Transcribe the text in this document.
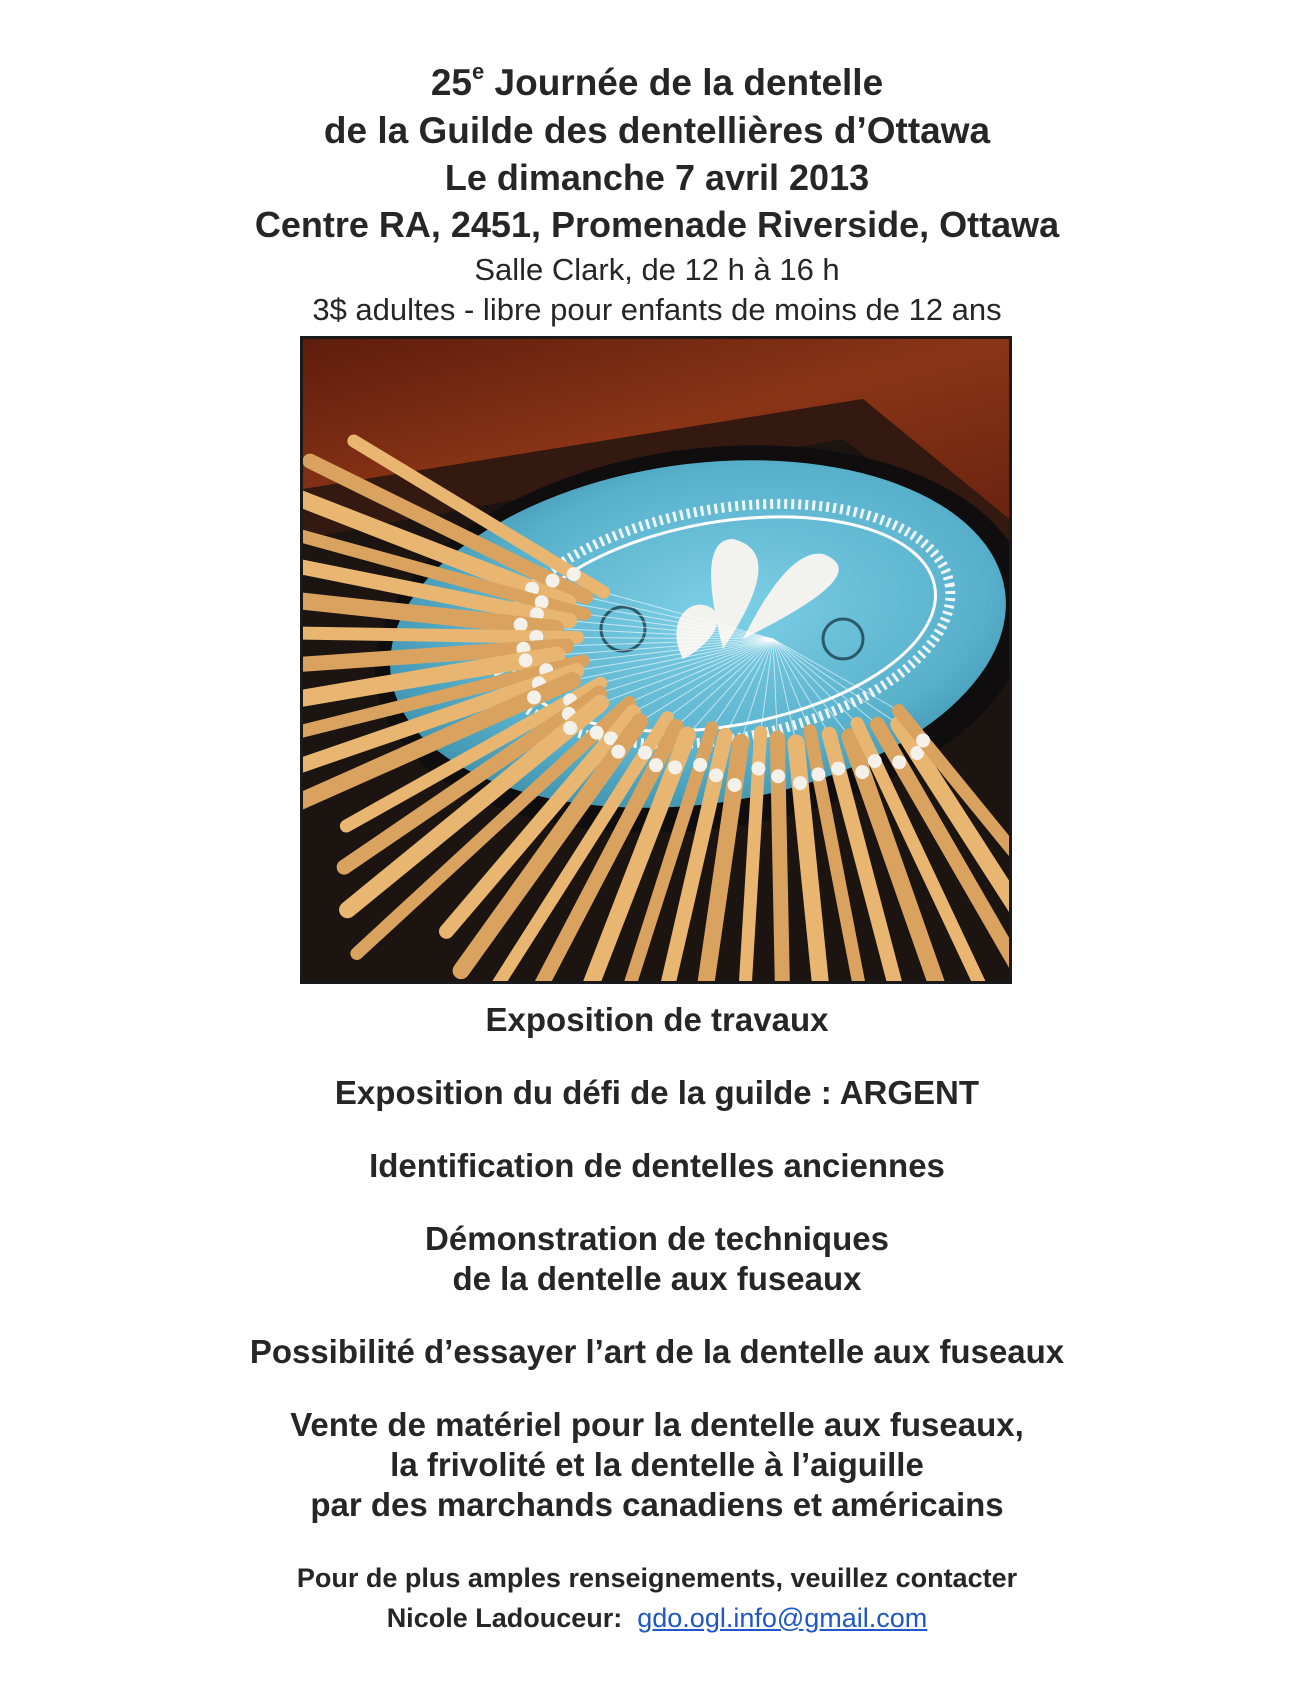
25e Journée de la dentelle
de la Guilde des dentellières d’Ottawa
Le dimanche 7 avril 2013
Centre RA, 2451, Promenade Riverside, Ottawa
Salle Clark, de 12 h à 16 h
3$ adultes - libre pour enfants de moins de 12 ans
Exposition de travaux
Exposition du défi de la guilde : ARGENT
Identification de dentelles anciennes
Démonstration de techniques
de la dentelle aux fuseaux
Possibilité d’essayer l’art de la dentelle aux fuseaux
Vente de matériel pour la dentelle aux fuseaux,
la frivolité et la dentelle à l’aiguille
par des marchands canadiens et américains
Pour de plus amples renseignements, veuillez contacter
Nicole Ladouceur: gdo.ogl.info@gmail.com
